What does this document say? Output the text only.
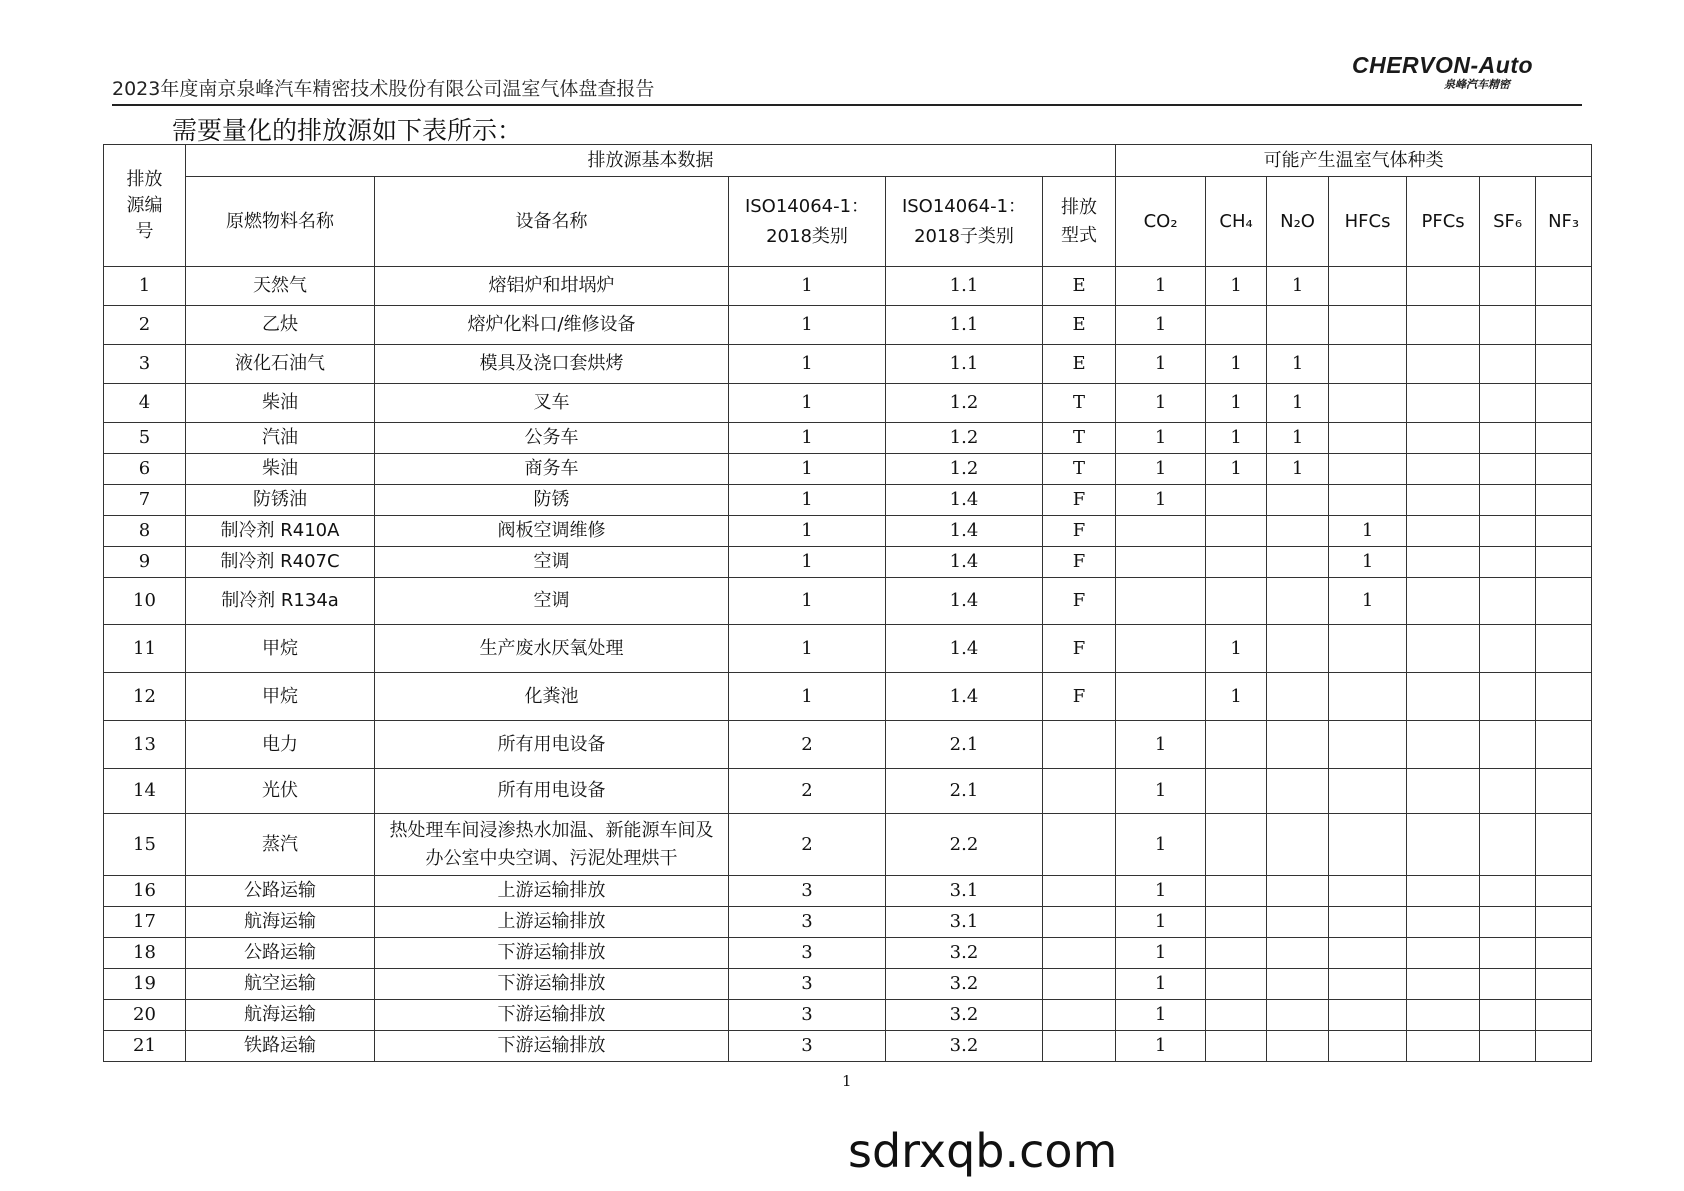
2023年度南京泉峰汽车精密技术股份有限公司温室气体盘查报告
CHERVON-Auto
泉峰汽车精密
需要量化的排放源如下表所示：
排放源编号	排放源基本数据					可能产生温室气体种类						
	原燃物料名称	设备名称	ISO14064-1：2018类别	ISO14064-1：2018子类别	排放型式	CO₂	CH₄	N₂O	HFCs	PFCs	SF₆	NF₃
1	天然气	熔铝炉和坩埚炉	1	1.1	E	1	1	1				
2	乙炔	熔炉化料口/维修设备	1	1.1	E	1						
3	液化石油气	模具及浇口套烘烤	1	1.1	E	1	1	1				
4	柴油	叉车	1	1.2	T	1	1	1				
5	汽油	公务车	1	1.2	T	1	1	1				
6	柴油	商务车	1	1.2	T	1	1	1				
7	防锈油	防锈	1	1.4	F	1						
8	制冷剂 R410A	阀板空调维修	1	1.4	F				1			
9	制冷剂 R407C	空调	1	1.4	F				1			
10	制冷剂 R134a	空调	1	1.4	F				1			
11	甲烷	生产废水厌氧处理	1	1.4	F		1					
12	甲烷	化粪池	1	1.4	F		1					
13	电力	所有用电设备	2	2.1		1						
14	光伏	所有用电设备	2	2.1		1						
15	蒸汽	热处理车间浸渗热水加温、新能源车间及办公室中央空调、污泥处理烘干	2	2.2		1						
16	公路运输	上游运输排放	3	3.1		1						
17	航海运输	上游运输排放	3	3.1		1						
18	公路运输	下游运输排放	3	3.2		1						
19	航空运输	下游运输排放	3	3.2		1						
20	航海运输	下游运输排放	3	3.2		1						
21	铁路运输	下游运输排放	3	3.2		1						
1
sdrxqb.com
